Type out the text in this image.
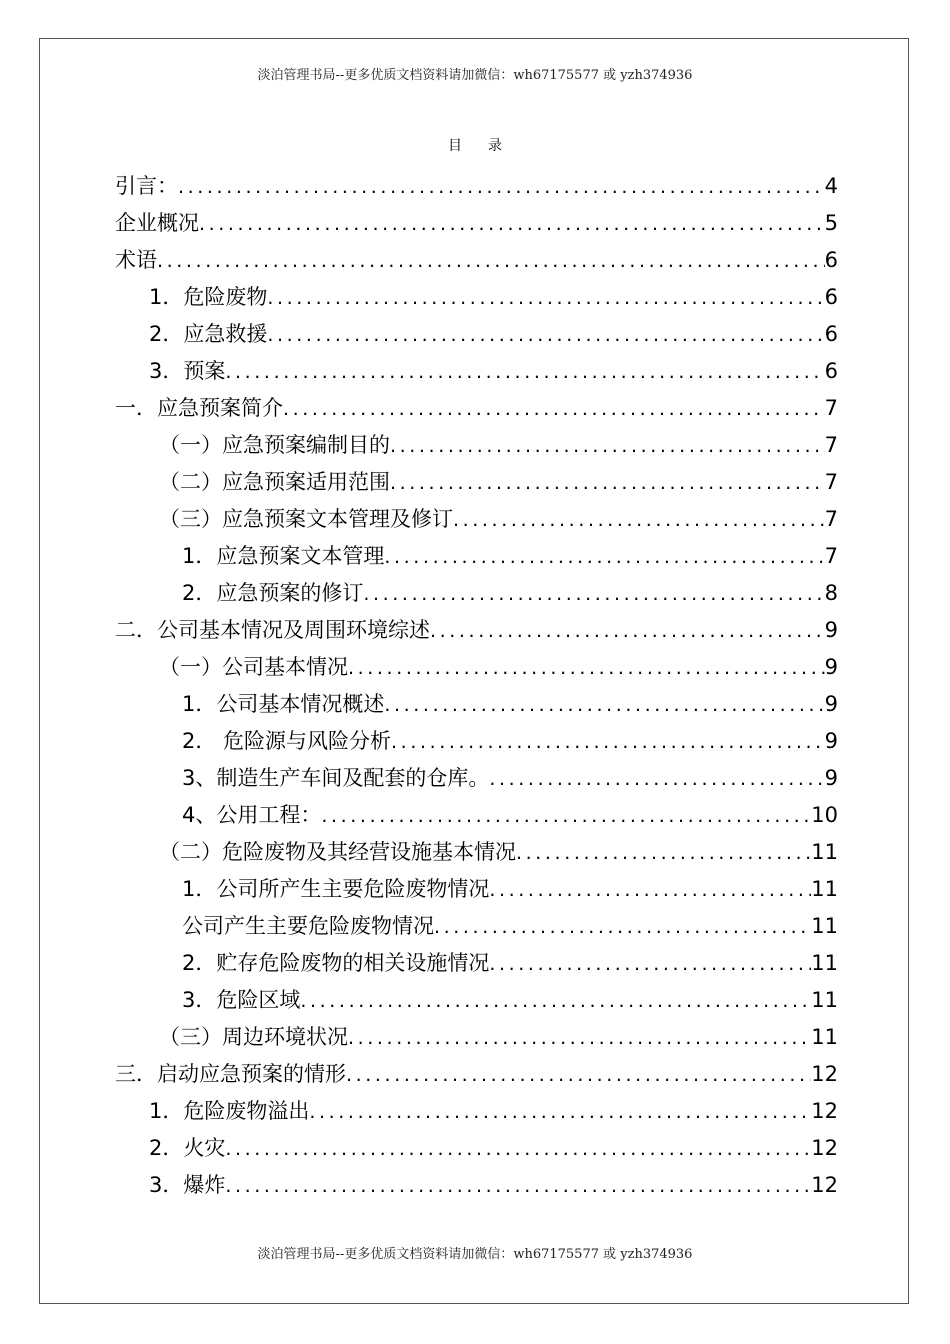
淡泊管理书局--更多优质文档资料请加微信：wh67175577 或 yzh374936
目录
引言： .....	4
企业概况 .....	5
术语 .....	6
1．危险废物 .....	6
2．应急救援 .....	6
3．预案 .....	6
一．应急预案简介 .....	7
（一）应急预案编制目的 .....	7
（二）应急预案适用范围 .....	7
（三）应急预案文本管理及修订 .....	7
1．应急预案文本管理 .....	7
2．应急预案的修订 .....	8
二．公司基本情况及周围环境综述 .....	9
（一）公司基本情况 .....	9
1．公司基本情况概述 .....	9
2． 危险源与风险分析 .....	9
3、制造生产车间及配套的仓库。 .....	9
4、公用工程： .....	10
（二）危险废物及其经营设施基本情况 .....	11
1．公司所产生主要危险废物情况 .....	11
公司产生主要危险废物情况 .....	11
2．贮存危险废物的相关设施情况 .....	11
3．危险区域 .....	11
（三）周边环境状况 .....	11
三．启动应急预案的情形 .....	12
1．危险废物溢出 .....	12
2．火灾 .....	12
3．爆炸 .....	12
淡泊管理书局--更多优质文档资料请加微信：wh67175577 或 yzh374936
